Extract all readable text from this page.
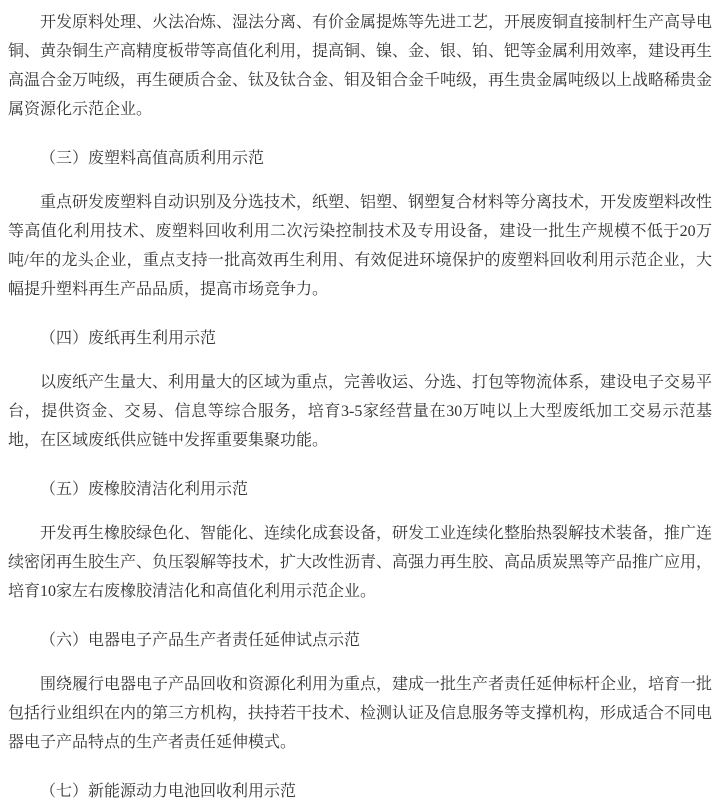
开发原料处理、火法冶炼、湿法分离、有价金属提炼等先进工艺，开展废铜直接制杆生产高导电铜、黄杂铜生产高精度板带等高值化利用，提高铜、镍、金、银、铂、钯等金属利用效率，建设再生高温合金万吨级，再生硬质合金、钛及钛合金、钼及钼合金千吨级，再生贵金属吨级以上战略稀贵金属资源化示范企业。

（三）废塑料高值高质利用示范

重点研发废塑料自动识别及分选技术，纸塑、铝塑、钢塑复合材料等分离技术，开发废塑料改性等高值化利用技术、废塑料回收利用二次污染控制技术及专用设备，建设一批生产规模不低于20万吨/年的龙头企业，重点支持一批高效再生利用、有效促进环境保护的废塑料回收利用示范企业，大幅提升塑料再生产品品质，提高市场竞争力。

（四）废纸再生利用示范

以废纸产生量大、利用量大的区域为重点，完善收运、分选、打包等物流体系，建设电子交易平台，提供资金、交易、信息等综合服务，培育3-5家经营量在30万吨以上大型废纸加工交易示范基地，在区域废纸供应链中发挥重要集聚功能。

（五）废橡胶清洁化利用示范

开发再生橡胶绿色化、智能化、连续化成套设备，研发工业连续化整胎热裂解技术装备，推广连续密闭再生胶生产、负压裂解等技术，扩大改性沥青、高强力再生胶、高品质炭黑等产品推广应用，培育10家左右废橡胶清洁化和高值化利用示范企业。

（六）电器电子产品生产者责任延伸试点示范

围绕履行电器电子产品回收和资源化利用为重点，建成一批生产者责任延伸标杆企业，培育一批包括行业组织在内的第三方机构，扶持若干技术、检测认证及信息服务等支撑机构，形成适合不同电器电子产品特点的生产者责任延伸模式。

（七）新能源动力电池回收利用示范
